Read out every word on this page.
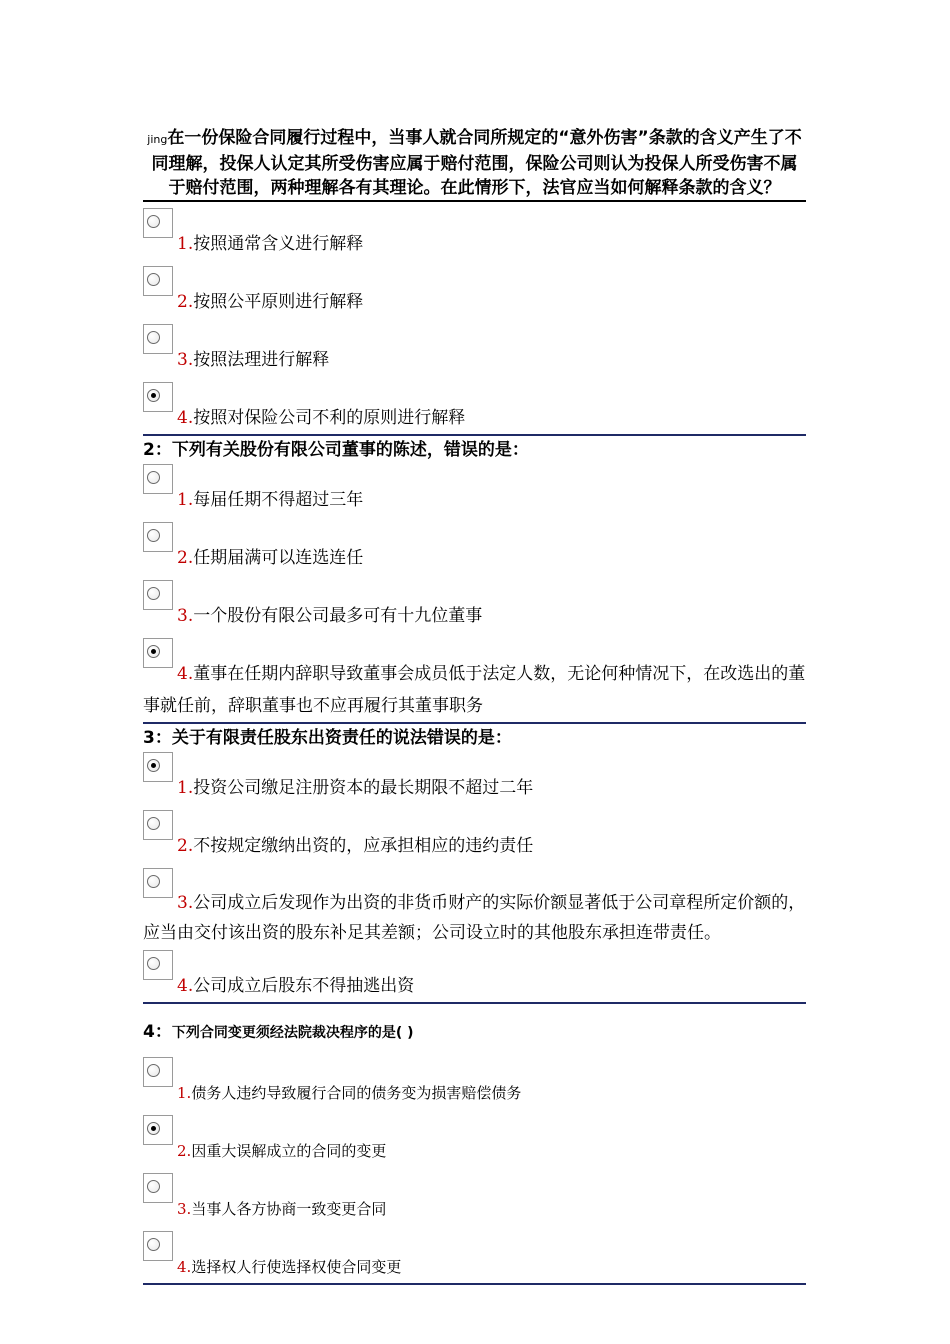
jing在一份保险合同履行过程中，当事人就合同所规定的“意外伤害”条款的含义产生了不同理解，投保人认定其所受伤害应属于赔付范围，保险公司则认为投保人所受伤害不属于赔付范围，两种理解各有其理论。在此情形下，法官应当如何解释条款的含义？
1.按照通常含义进行解释
2.按照公平原则进行解释
3.按照法理进行解释
4.按照对保险公司不利的原则进行解释
2：下列有关股份有限公司董事的陈述，错误的是：
1.每届任期不得超过三年
2.任期届满可以连选连任
3.一个股份有限公司最多可有十九位董事
4.董事在任期内辞职导致董事会成员低于法定人数，无论何种情况下，在改选出的董事就任前，辞职董事也不应再履行其董事职务
3：关于有限责任股东出资责任的说法错误的是：
1.投资公司缴足注册资本的最长期限不超过二年
2.不按规定缴纳出资的，应承担相应的违约责任
3.公司成立后发现作为出资的非货币财产的实际价额显著低于公司章程所定价额的，应当由交付该出资的股东补足其差额；公司设立时的其他股东承担连带责任。
4.公司成立后股东不得抽逃出资
4：下列合同变更须经法院裁决程序的是( )
1.债务人违约导致履行合同的债务变为损害赔偿债务
2.因重大误解成立的合同的变更
3.当事人各方协商一致变更合同
4.选择权人行使选择权使合同变更
